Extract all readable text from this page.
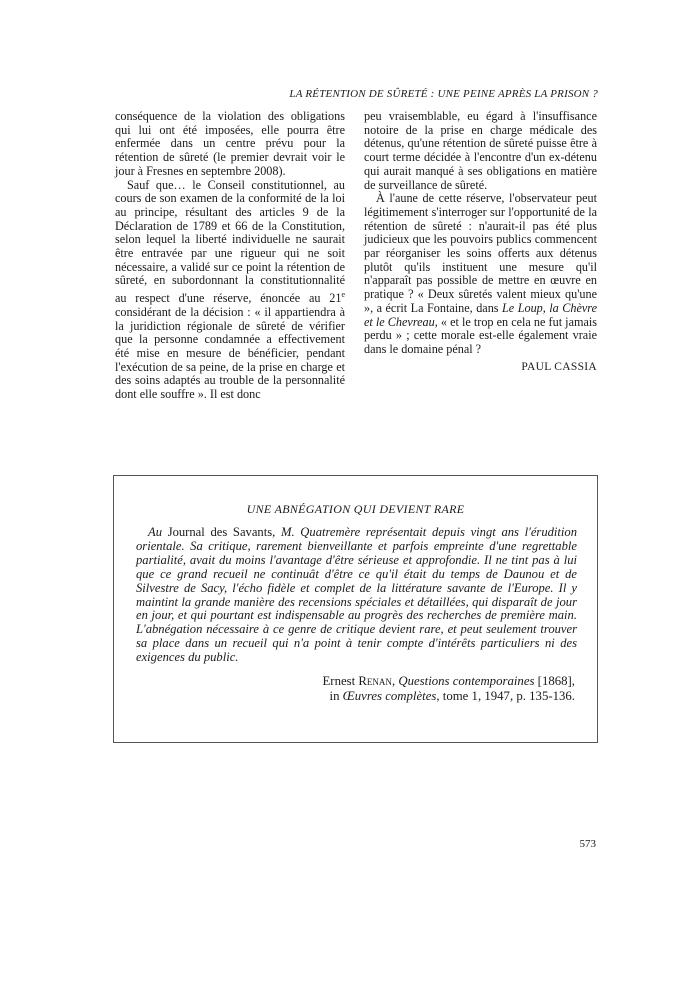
LA RÉTENTION DE SÛRETÉ : UNE PEINE APRÈS LA PRISON ?

conséquence de la violation des obligations qui lui ont été imposées, elle pourra être enfermée dans un centre prévu pour la rétention de sûreté (le premier devrait voir le jour à Fresnes en septembre 2008).

Sauf que… le Conseil constitutionnel, au cours de son examen de la conformité de la loi au principe, résultant des articles 9 de la Déclaration de 1789 et 66 de la Constitution, selon lequel la liberté individuelle ne saurait être entravée par une rigueur qui ne soit nécessaire, a validé sur ce point la rétention de sûreté, en subordonnant la constitutionnalité au respect d'une réserve, énoncée au 21e considérant de la décision : « il appartiendra à la juridiction régionale de sûreté de vérifier que la personne condamnée a effectivement été mise en mesure de bénéficier, pendant l'exécution de sa peine, de la prise en charge et des soins adaptés au trouble de la personnalité dont elle souffre ». Il est donc

peu vraisemblable, eu égard à l'insuffisance notoire de la prise en charge médicale des détenus, qu'une rétention de sûreté puisse être à court terme décidée à l'encontre d'un ex-détenu qui aurait manqué à ses obligations en matière de surveillance de sûreté.

À l'aune de cette réserve, l'observateur peut légitimement s'interroger sur l'opportunité de la rétention de sûreté : n'aurait-il pas été plus judicieux que les pouvoirs publics commencent par réorganiser les soins offerts aux détenus plutôt qu'ils instituent une mesure qu'il n'apparaît pas possible de mettre en œuvre en pratique ? « Deux sûretés valent mieux qu'une », a écrit La Fontaine, dans Le Loup, la Chèvre et le Chevreau, « et le trop en cela ne fut jamais perdu » ; cette morale est-elle également vraie dans le domaine pénal ?

PAUL CASSIA
UNE ABNÉGATION QUI DEVIENT RARE
Au Journal des Savants, M. Quatremère représentait depuis vingt ans l'érudition orientale. Sa critique, rarement bienveillante et parfois empreinte d'une regrettable partialité, avait du moins l'avantage d'être sérieuse et approfondie. Il ne tint pas à lui que ce grand recueil ne continuât d'être ce qu'il était du temps de Daunou et de Silvestre de Sacy, l'écho fidèle et complet de la littérature savante de l'Europe. Il y maintint la grande manière des recensions spéciales et détaillées, qui disparaît de jour en jour, et qui pourtant est indispensable au progrès des recherches de première main. L'abnégation nécessaire à ce genre de critique devient rare, et peut seulement trouver sa place dans un recueil qui n'a point à tenir compte d'intérêts particuliers ni des exigences du public.
Ernest Renan, Questions contemporaines [1868],
in Œuvres complètes, tome 1, 1947, p. 135-136.
573
